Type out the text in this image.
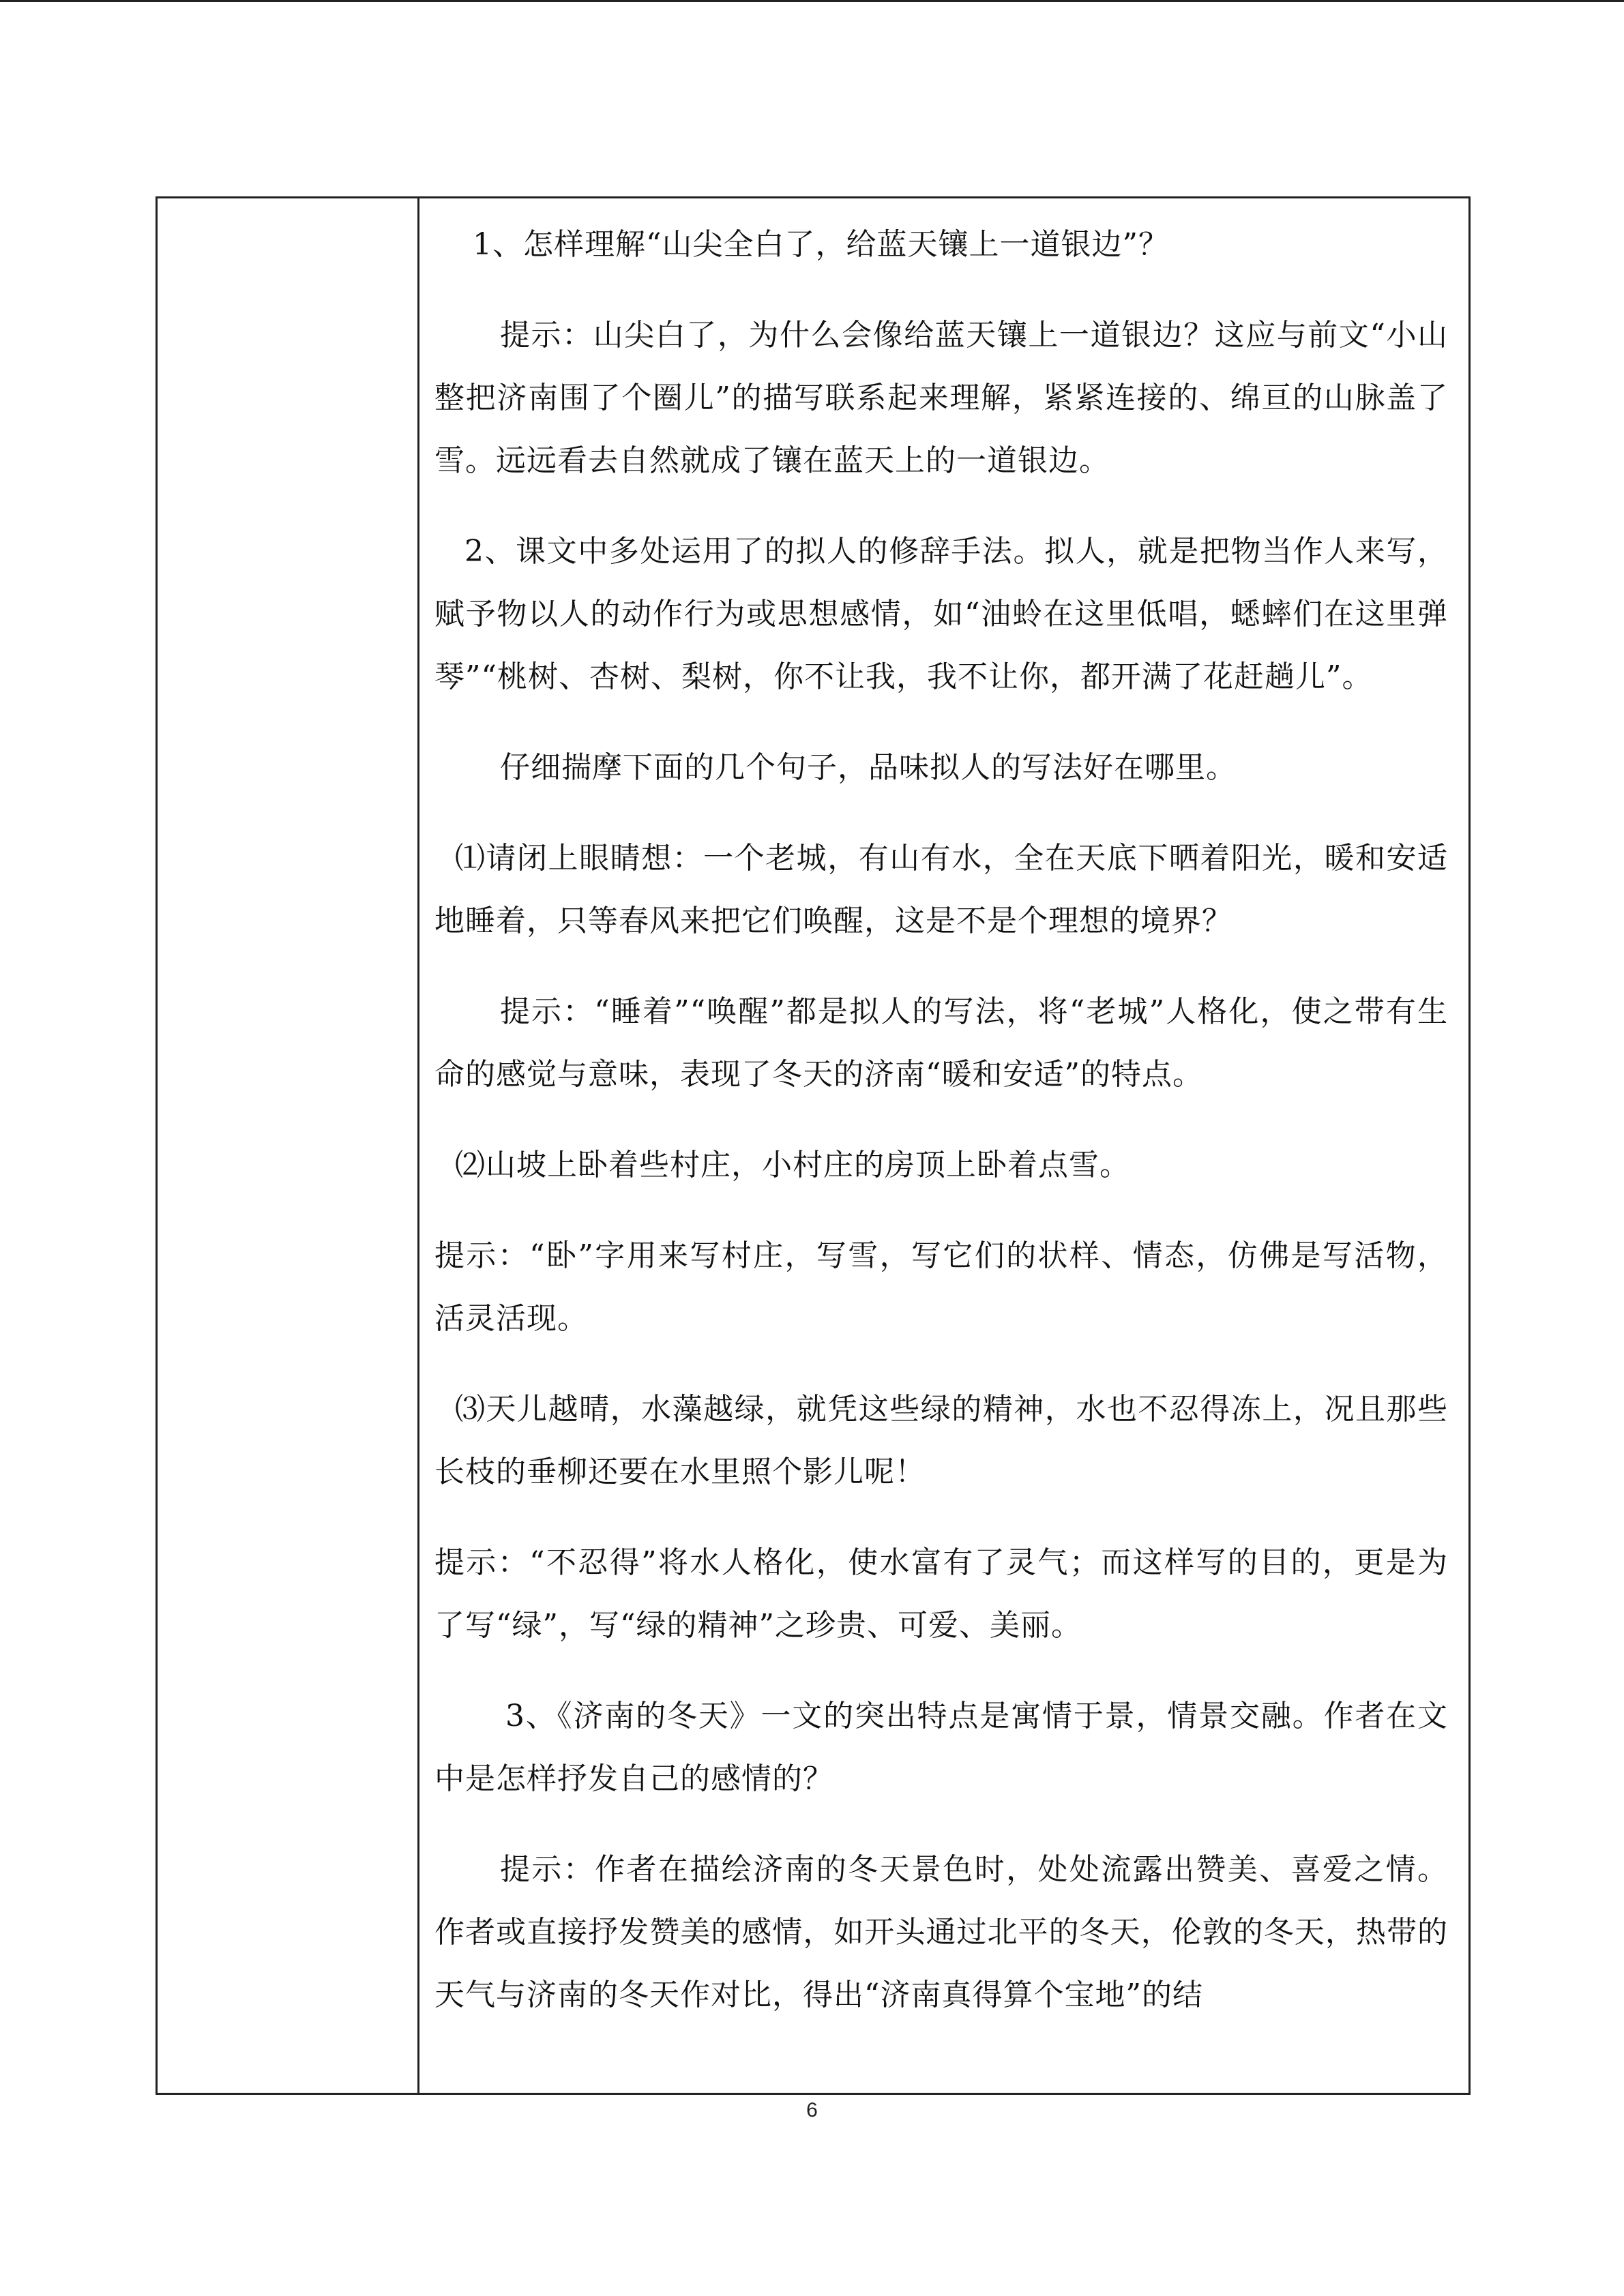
1、怎样理解“山尖全白了，给蓝天镶上一道银边”？

提示：山尖白了，为什么会像给蓝天镶上一道银边？这应与前文“小山整把济南围了个圈儿”的描写联系起来理解，紧紧连接的、绵亘的山脉盖了雪。远远看去自然就成了镶在蓝天上的一道银边。

2、课文中多处运用了的拟人的修辞手法。拟人，就是把物当作人来写，赋予物以人的动作行为或思想感情，如“油蛉在这里低唱，蟋蟀们在这里弹琴”“桃树、杏树、梨树，你不让我，我不让你，都开满了花赶趟儿”。

仔细揣摩下面的几个句子，品味拟人的写法好在哪里。

⑴请闭上眼睛想：一个老城，有山有水，全在天底下晒着阳光，暖和安适地睡着，只等春风来把它们唤醒，这是不是个理想的境界？

提示：“睡着”“唤醒”都是拟人的写法，将“老城”人格化，使之带有生命的感觉与意味，表现了冬天的济南“暖和安适”的特点。

⑵山坡上卧着些村庄，小村庄的房顶上卧着点雪。

提示：“卧”字用来写村庄，写雪，写它们的状样、情态，仿佛是写活物，活灵活现。

⑶天儿越晴，水藻越绿，就凭这些绿的精神，水也不忍得冻上，况且那些长枝的垂柳还要在水里照个影儿呢！

提示：“不忍得”将水人格化，使水富有了灵气；而这样写的目的，更是为了写“绿”，写“绿的精神”之珍贵、可爱、美丽。

3、《济南的冬天》一文的突出特点是寓情于景，情景交融。作者在文中是怎样抒发自己的感情的？

提示：作者在描绘济南的冬天景色时，处处流露出赞美、喜爱之情。作者或直接抒发赞美的感情，如开头通过北平的冬天，伦敦的冬天，热带的天气与济南的冬天作对比，得出“济南真得算个宝地”的结

6
